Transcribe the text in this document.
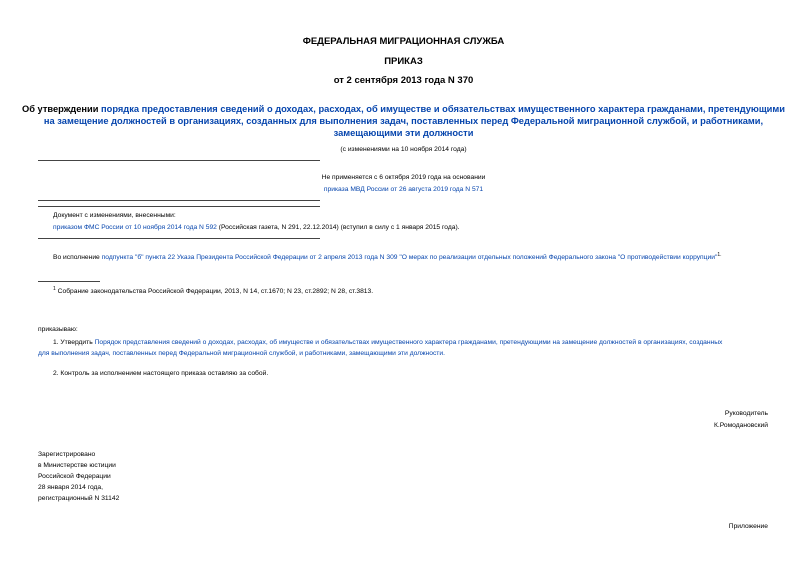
ФЕДЕРАЛЬНАЯ МИГРАЦИОННАЯ СЛУЖБА
ПРИКАЗ
от 2 сентября 2013 года N 370
Об утверждении порядка предоставления сведений о доходах, расходах, об имуществе и обязательствах имущественного характера гражданами, претендующими
на замещение должностей в организациях, созданных для выполнения задач, поставленных перед Федеральной миграционной службой, и работниками,
замещающими эти должности
(с изменениями на 10 ноября 2014 года)
Не применяется с 6 октября 2019 года на основании
приказа МВД России от 26 августа 2019 года N 571
Документ с изменениями, внесенными:
приказом ФМС России от 10 ноября 2014 года N 592 (Российская газета, N 291, 22.12.2014) (вступил в силу с 1 января 2015 года).
Во исполнение подпункта "б" пункта 22 Указа Президента Российской Федерации от 2 апреля 2013 года N 309 "О мерах по реализации отдельных положений Федерального закона "О противодействии коррупции"$^{1.}$
$^1$ Собрание законодательства Российской Федерации, 2013, N 14, ст.1670; N 23, ст.2892; N 28, ст.3813.
приказываю:
1. Утвердить Порядок представления сведений о доходах, расходах, об имуществе и обязательствах имущественного характера гражданами, претендующими на замещение должностей в организациях, созданных
для выполнения задач, поставленных перед Федеральной миграционной службой, и работниками, замещающими эти должности.
2. Контроль за исполнением настоящего приказа оставляю за собой.
Руководитель
К.Ромодановский
Зарегистрировано
в Министерстве юстиции
Российской Федерации
28 января 2014 года,
регистрационный N 31142
Приложение
